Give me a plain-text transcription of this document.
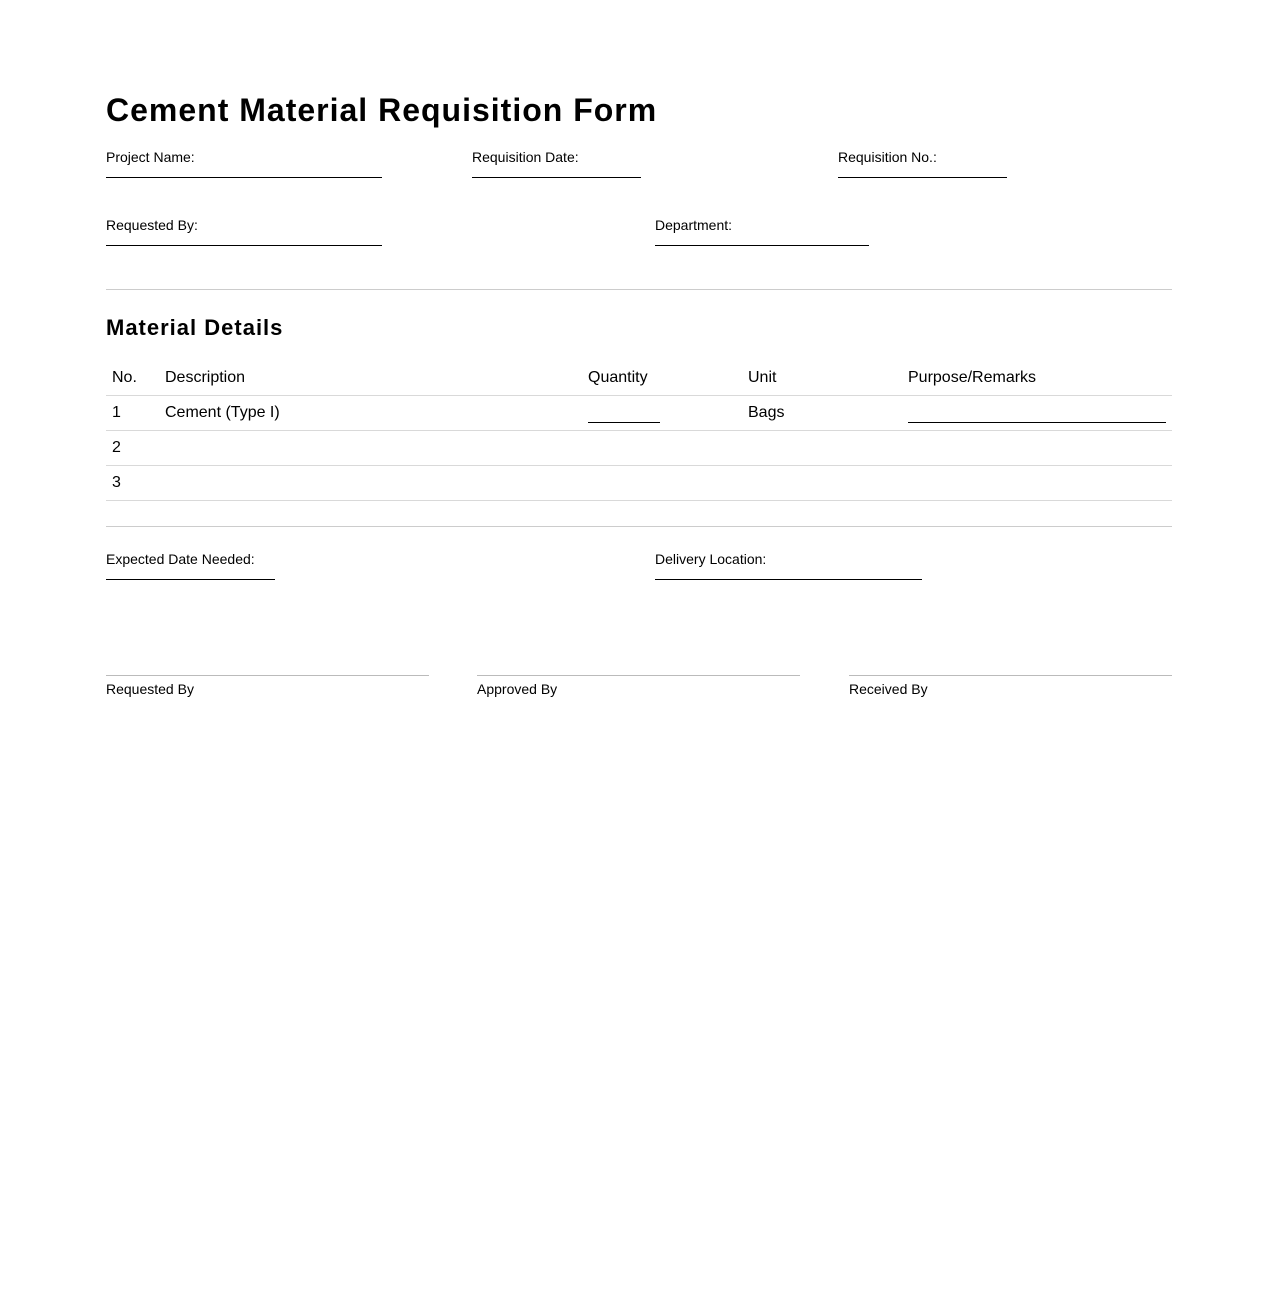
Cement Material Requisition Form
Project Name:	Requisition Date:	Requisition No.:
Requested By:	Department:
Material Details
No.	Description	Quantity	Unit	Purpose/Remarks
1	Cement (Type I)		Bags	
2				
3				
Expected Date Needed:	Delivery Location:
Requested By	Approved By	Received By
